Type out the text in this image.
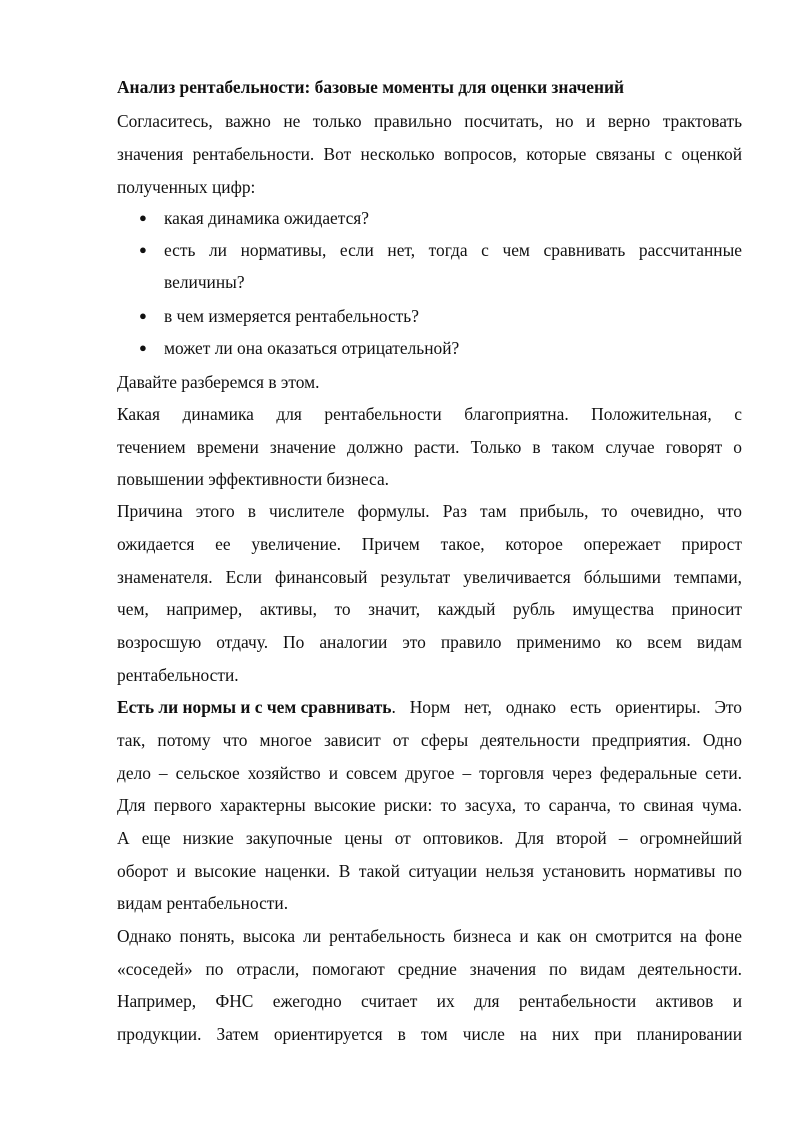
Анализ рентабельности: базовые моменты для оценки значений
Согласитесь, важно не только правильно посчитать, но и верно трактовать
значения рентабельности. Вот несколько вопросов, которые связаны с оценкой
полученных цифр:
● какая динамика ожидается?
● есть ли нормативы, если нет, тогда с чем сравнивать рассчитанные
величины?
● в чем измеряется рентабельность?
● может ли она оказаться отрицательной?
Давайте разберемся в этом.
Какая динамика для рентабельности благоприятна. Положительная, с
течением времени значение должно расти. Только в таком случае говорят о
повышении эффективности бизнеса.
Причина этого в числителе формулы. Раз там прибыль, то очевидно, что
ожидается ее увеличение. Причем такое, которое опережает прирост
знаменателя. Если финансовый результат увеличивается бóльшими темпами,
чем, например, активы, то значит, каждый рубль имущества приносит
возросшую отдачу. По аналогии это правило применимо ко всем видам
рентабельности.
Есть ли нормы и с чем сравнивать . Норм нет, однако есть ориентиры. Это
так, потому что многое зависит от сферы деятельности предприятия. Одно
дело – сельское хозяйство и совсем другое – торговля через федеральные сети.
Для первого характерны высокие риски: то засуха, то саранча, то свиная чума.
А еще низкие закупочные цены от оптовиков. Для второй – огромнейший
оборот и высокие наценки. В такой ситуации нельзя установить нормативы по
видам рентабельности.
Однако понять, высока ли рентабельность бизнеса и как он смотрится на фоне
«соседей» по отрасли, помогают средние значения по видам деятельности.
Например, ФНС ежегодно считает их для рентабельности активов и
продукции. Затем ориентируется в том числе на них при планировании
